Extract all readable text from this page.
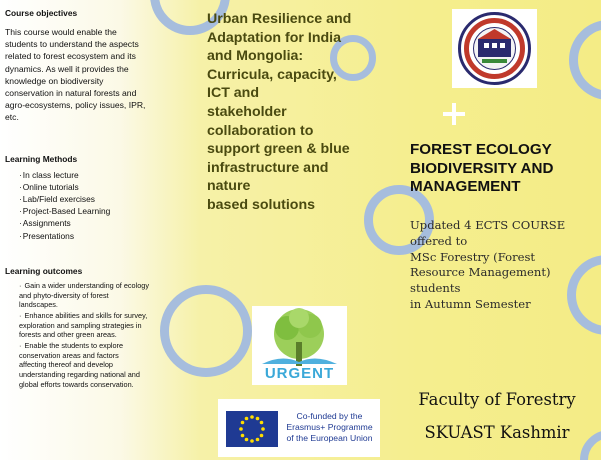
Course objectives

This course would enable the
students to understand the aspects
related to forest ecosystem and its
dynamics. As well it provides the
knowledge on biodiversity
conservation in natural forests and
agro-ecosystems, policy issues, IPR,
etc.

Learning Methods

· In class lecture
· Online tutorials
· Lab/Field exercises
· Project-Based Learning
· Assignments
· Presentations

Learning outcomes

· Gain a wider understanding of ecology
and phyto-diversity of forest
landscapes.
· Enhance abilities and skills for survey,
exploration and sampling strategies in
forests and other green areas.
· Enable the students to explore
conservation areas and factors
affecting thereof and develop
understanding regarding national and
global efforts towards conservation.
Urban Resilience and
Adaptation for India
and Mongolia:
Curricula, capacity,
ICT and
stakeholder
collaboration to
support green & blue
infrastructure and
nature
based solutions
URGENT
Co-funded by the
Erasmus+ Programme
of the European Union
FOREST ECOLOGY
BIODIVERSITY AND
MANAGEMENT
Updated 4 ECTS COURSE
offered to
MSc Forestry (Forest
Resource Management)
students
in Autumn Semester
Faculty of Forestry
SKUAST Kashmir
